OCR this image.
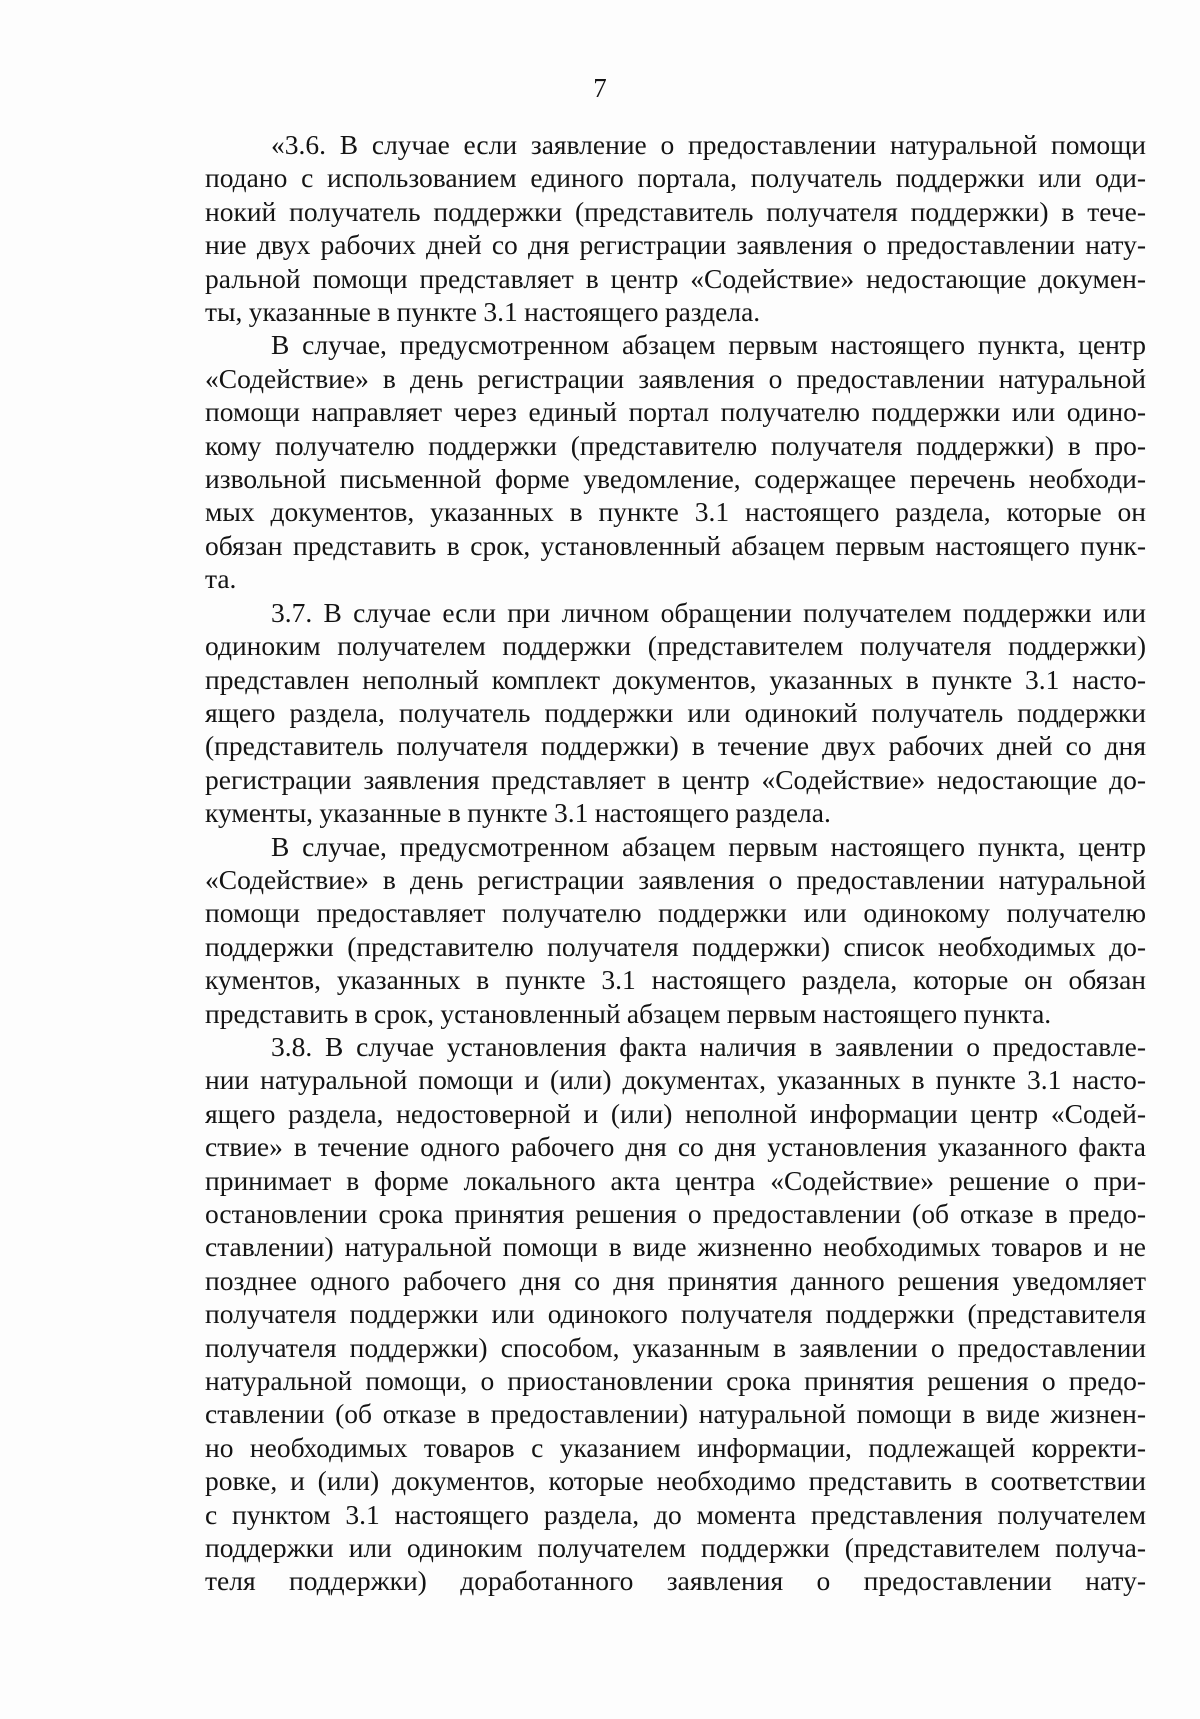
7

«3.6. В случае если заявление о предоставлении натуральной помощи
подано с использованием единого портала, получатель поддержки или оди-
нокий получатель поддержки (представитель получателя поддержки) в тече-
ние двух рабочих дней со дня регистрации заявления о предоставлении нату-
ральной помощи представляет в центр «Содействие» недостающие докумен-
ты, указанные в пункте 3.1 настоящего раздела.

В случае, предусмотренном абзацем первым настоящего пункта, центр
«Содействие» в день регистрации заявления о предоставлении натуральной
помощи направляет через единый портал получателю поддержки или одино-
кому получателю поддержки (представителю получателя поддержки) в про-
извольной письменной форме уведомление, содержащее перечень необходи-
мых документов, указанных в пункте 3.1 настоящего раздела, которые он
обязан представить в срок, установленный абзацем первым настоящего пунк-
та.

3.7. В случае если при личном обращении получателем поддержки или
одиноким получателем поддержки (представителем получателя поддержки)
представлен неполный комплект документов, указанных в пункте 3.1 насто-
ящего раздела, получатель поддержки или одинокий получатель поддержки
(представитель получателя поддержки) в течение двух рабочих дней со дня
регистрации заявления представляет в центр «Содействие» недостающие до-
кументы, указанные в пункте 3.1 настоящего раздела.

В случае, предусмотренном абзацем первым настоящего пункта, центр
«Содействие» в день регистрации заявления о предоставлении натуральной
помощи предоставляет получателю поддержки или одинокому получателю
поддержки (представителю получателя поддержки) список необходимых до-
кументов, указанных в пункте 3.1 настоящего раздела, которые он обязан
представить в срок, установленный абзацем первым настоящего пункта.

3.8. В случае установления факта наличия в заявлении о предоставле-
нии натуральной помощи и (или) документах, указанных в пункте 3.1 насто-
ящего раздела, недостоверной и (или) неполной информации центр «Содей-
ствие» в течение одного рабочего дня со дня установления указанного факта
принимает в форме локального акта центра «Содействие» решение о при-
остановлении срока принятия решения о предоставлении (об отказе в предо-
ставлении) натуральной помощи в виде жизненно необходимых товаров и не
позднее одного рабочего дня со дня принятия данного решения уведомляет
получателя поддержки или одинокого получателя поддержки (представителя
получателя поддержки) способом, указанным в заявлении о предоставлении
натуральной помощи, о приостановлении срока принятия решения о предо-
ставлении (об отказе в предоставлении) натуральной помощи в виде жизнен-
но необходимых товаров с указанием информации, подлежащей корректи-
ровке, и (или) документов, которые необходимо представить в соответствии
с пунктом 3.1 настоящего раздела, до момента представления получателем
поддержки или одиноким получателем поддержки (представителем получа-
теля поддержки) доработанного заявления о предоставлении нату-
